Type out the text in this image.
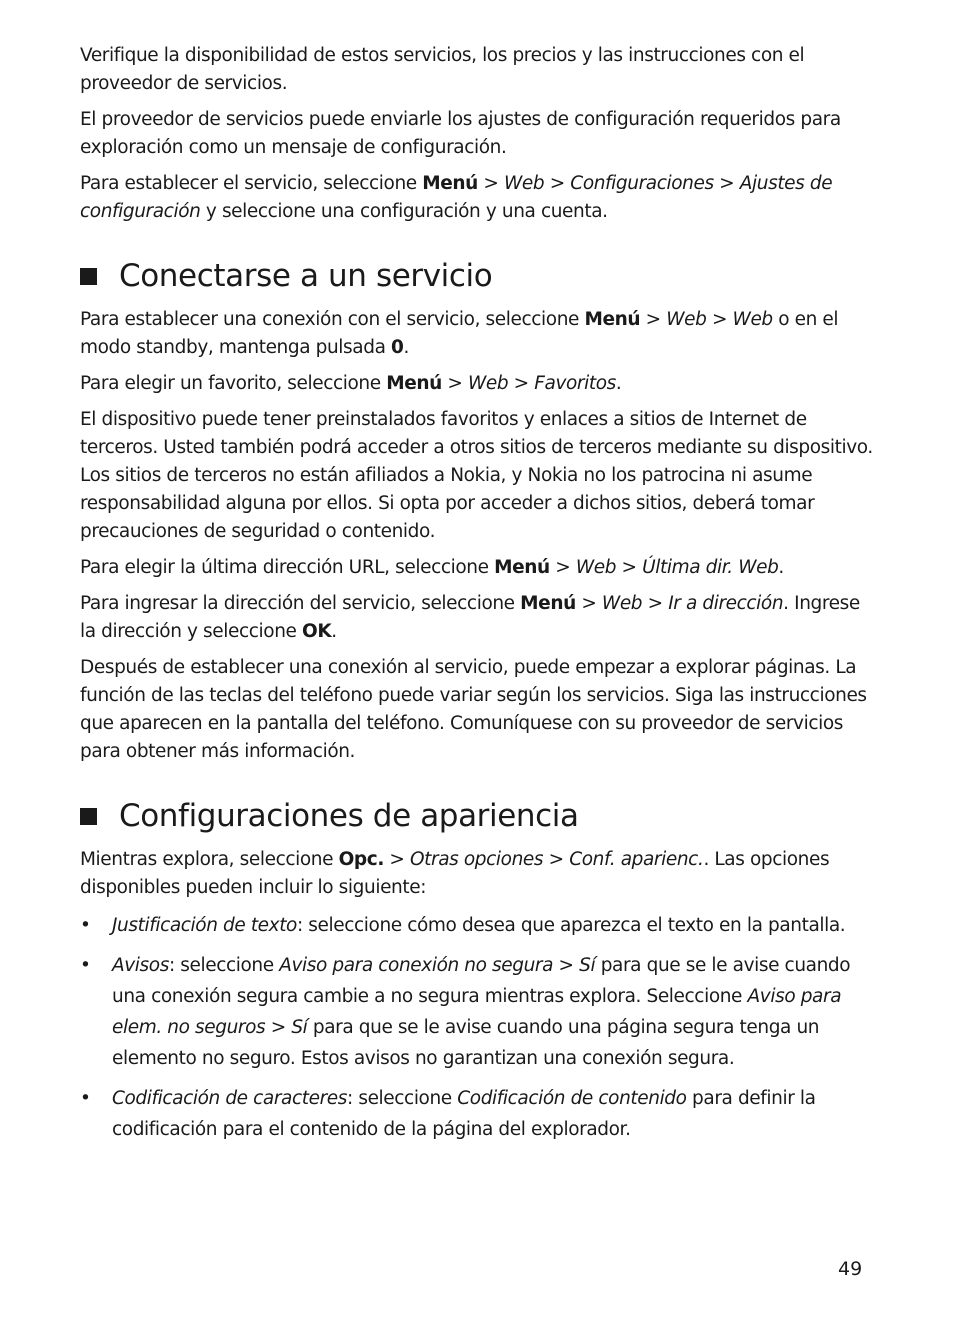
Verifique la disponibilidad de estos servicios, los precios y las instrucciones con el proveedor de servicios.

El proveedor de servicios puede enviarle los ajustes de configuración requeridos para exploración como un mensaje de configuración.

Para establecer el servicio, seleccione Menú > Web > Configuraciones > Ajustes de configuración y seleccione una configuración y una cuenta.

Conectarse a un servicio

Para establecer una conexión con el servicio, seleccione Menú > Web > Web o en el modo standby, mantenga pulsada 0.

Para elegir un favorito, seleccione Menú > Web > Favoritos.

El dispositivo puede tener preinstalados favoritos y enlaces a sitios de Internet de terceros. Usted también podrá acceder a otros sitios de terceros mediante su dispositivo. Los sitios de terceros no están afiliados a Nokia, y Nokia no los patrocina ni asume responsabilidad alguna por ellos. Si opta por acceder a dichos sitios, deberá tomar precauciones de seguridad o contenido.

Para elegir la última dirección URL, seleccione Menú > Web > Última dir. Web.

Para ingresar la dirección del servicio, seleccione Menú > Web > Ir a dirección. Ingrese la dirección y seleccione OK.

Después de establecer una conexión al servicio, puede empezar a explorar páginas. La función de las teclas del teléfono puede variar según los servicios. Siga las instrucciones que aparecen en la pantalla del teléfono. Comuníquese con su proveedor de servicios para obtener más información.

Configuraciones de apariencia

Mientras explora, seleccione Opc. > Otras opciones > Conf. aparienc.. Las opciones disponibles pueden incluir lo siguiente:

• Justificación de texto: seleccione cómo desea que aparezca el texto en la pantalla.
• Avisos: seleccione Aviso para conexión no segura > Sí para que se le avise cuando una conexión segura cambie a no segura mientras explora. Seleccione Aviso para elem. no seguros > Sí para que se le avise cuando una página segura tenga un elemento no seguro. Estos avisos no garantizan una conexión segura.
• Codificación de caracteres: seleccione Codificación de contenido para definir la codificación para el contenido de la página del explorador.
49
